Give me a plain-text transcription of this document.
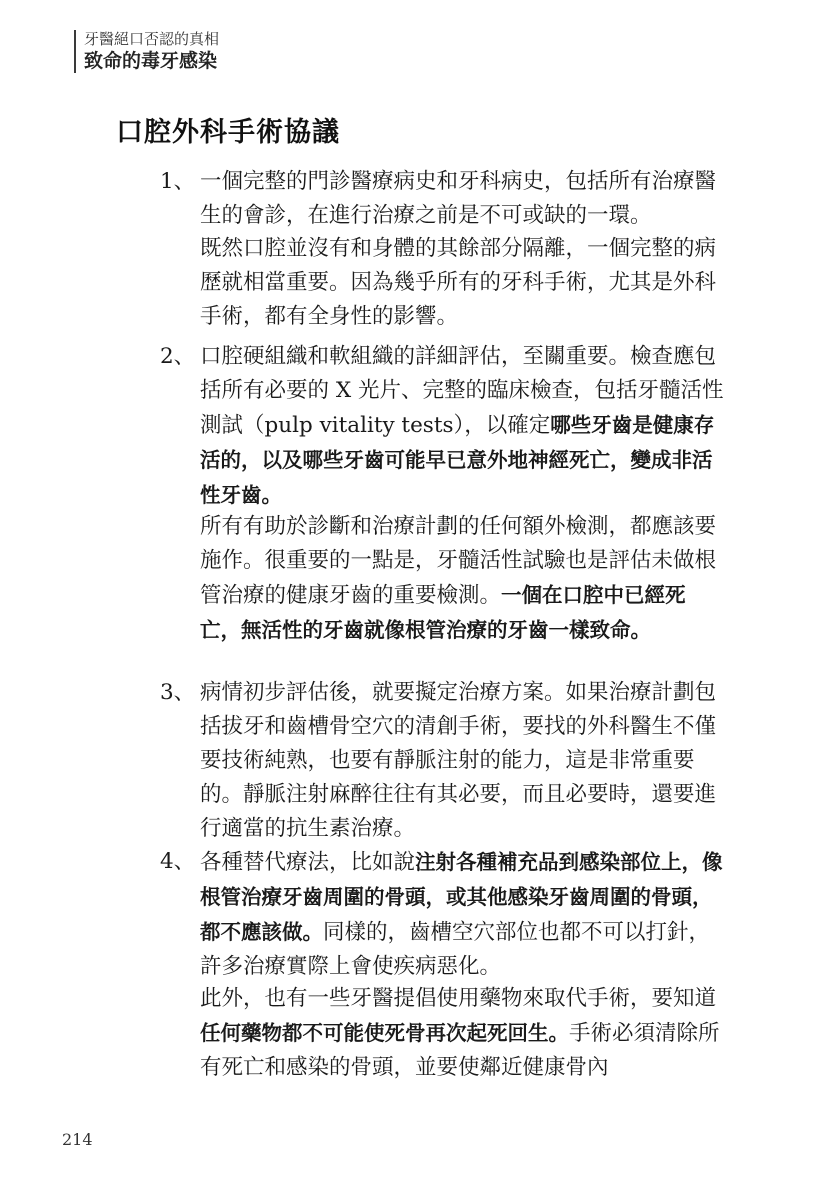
牙醫絕口否認的真相
致命的毒牙感染
口腔外科手術協議
1、 一個完整的門診醫療病史和牙科病史，包括所有治療醫生的會診，在進行治療之前是不可或缺的一環。
既然口腔並沒有和身體的其餘部分隔離，一個完整的病歷就相當重要。因為幾乎所有的牙科手術，尤其是外科手術，都有全身性的影響。
2、 口腔硬組織和軟組織的詳細評估，至關重要。檢查應包括所有必要的 X 光片、完整的臨床檢查，包括牙髓活性測試（pulp vitality tests），以確定哪些牙齒是健康存活的，以及哪些牙齒可能早已意外地神經死亡，變成非活性牙齒。
所有有助於診斷和治療計劃的任何額外檢測，都應該要施作。很重要的一點是，牙髓活性試驗也是評估未做根管治療的健康牙齒的重要檢測。一個在口腔中已經死亡，無活性的牙齒就像根管治療的牙齒一樣致命。
3、 病情初步評估後，就要擬定治療方案。如果治療計劃包括拔牙和齒槽骨空穴的清創手術，要找的外科醫生不僅要技術純熟，也要有靜脈注射的能力，這是非常重要的。靜脈注射麻醉往往有其必要，而且必要時，還要進行適當的抗生素治療。
4、 各種替代療法，比如說注射各種補充品到感染部位上，像根管治療牙齒周圍的骨頭，或其他感染牙齒周圍的骨頭，都不應該做。同樣的，齒槽空穴部位也都不可以打針，許多治療實際上會使疾病惡化。
此外，也有一些牙醫提倡使用藥物來取代手術，要知道任何藥物都不可能使死骨再次起死回生。手術必須清除所有死亡和感染的骨頭，並要使鄰近健康骨內
214
